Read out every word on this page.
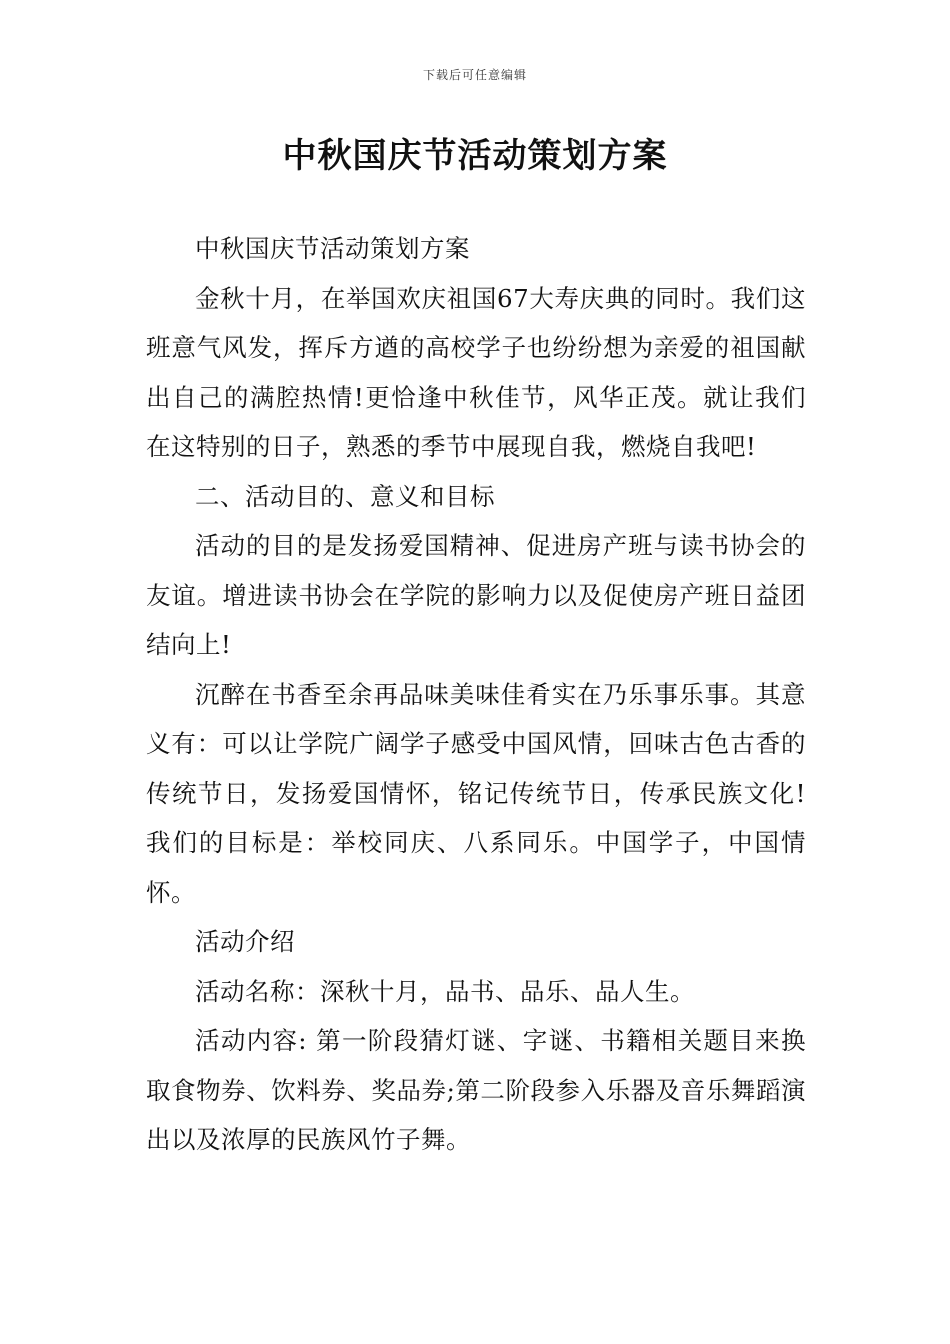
下载后可任意编辑
中秋国庆节活动策划方案

中秋国庆节活动策划方案

金秋十月，在举国欢庆祖国67大寿庆典的同时。我们这班意气风发，挥斥方遒的高校学子也纷纷想为亲爱的祖国献出自己的满腔热情!更恰逢中秋佳节，风华正茂。就让我们在这特别的日子，熟悉的季节中展现自我，燃烧自我吧!

二、活动目的、意义和目标

活动的目的是发扬爱国精神、促进房产班与读书协会的友谊。增进读书协会在学院的影响力以及促使房产班日益团结向上!

沉醉在书香至余再品味美味佳肴实在乃乐事乐事。其意义有：可以让学院广阔学子感受中国风情，回味古色古香的传统节日，发扬爱国情怀，铭记传统节日，传承民族文化!我们的目标是：举校同庆、八系同乐。中国学子，中国情怀。

活动介绍

活动名称：深秋十月，品书、品乐、品人生。

活动内容: 第一阶段猜灯谜、字谜、书籍相关题目来换取食物券、饮料券、奖品券;第二阶段参入乐器及音乐舞蹈演出以及浓厚的民族风竹子舞。
